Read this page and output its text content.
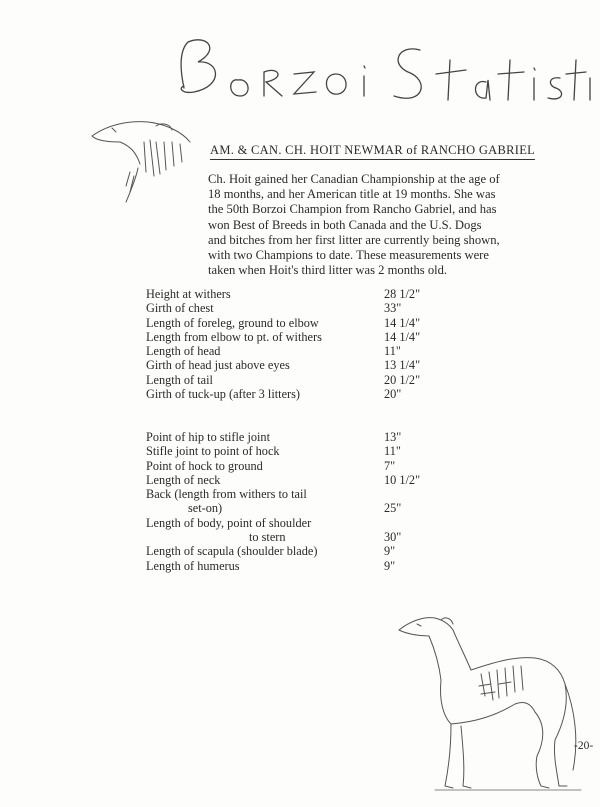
AM. & CAN. CH. HOIT NEWMAR of RANCHO GABRIEL
Ch. Hoit gained her Canadian Championship at the age of
18 months, and her American title at 19 months. She was
the 50th Borzoi Champion from Rancho Gabriel, and has
won Best of Breeds in both Canada and the U.S. Dogs
and bitches from her first litter are currently being shown,
with two Champions to date. These measurements were
taken when Hoit's third litter was 2 months old.
Height at withers	28 1/2"
Girth of chest	33"
Length of foreleg, ground to elbow	14 1/4"
Length from elbow to pt. of withers	14 1/4"
Length of head	11"
Girth of head just above eyes	13 1/4"
Length of tail	20 1/2"
Girth of tuck-up (after 3 litters)	20"
Point of hip to stifle joint	13"
Stifle joint to point of hock	11"
Point of hock to ground	7"
Length of neck	10 1/2"
Back (length from withers to tail
set-on)	25"
Length of body, point of shoulder
to stern	30"
Length of scapula (shoulder blade)	9"
Length of humerus	9"
-20-
